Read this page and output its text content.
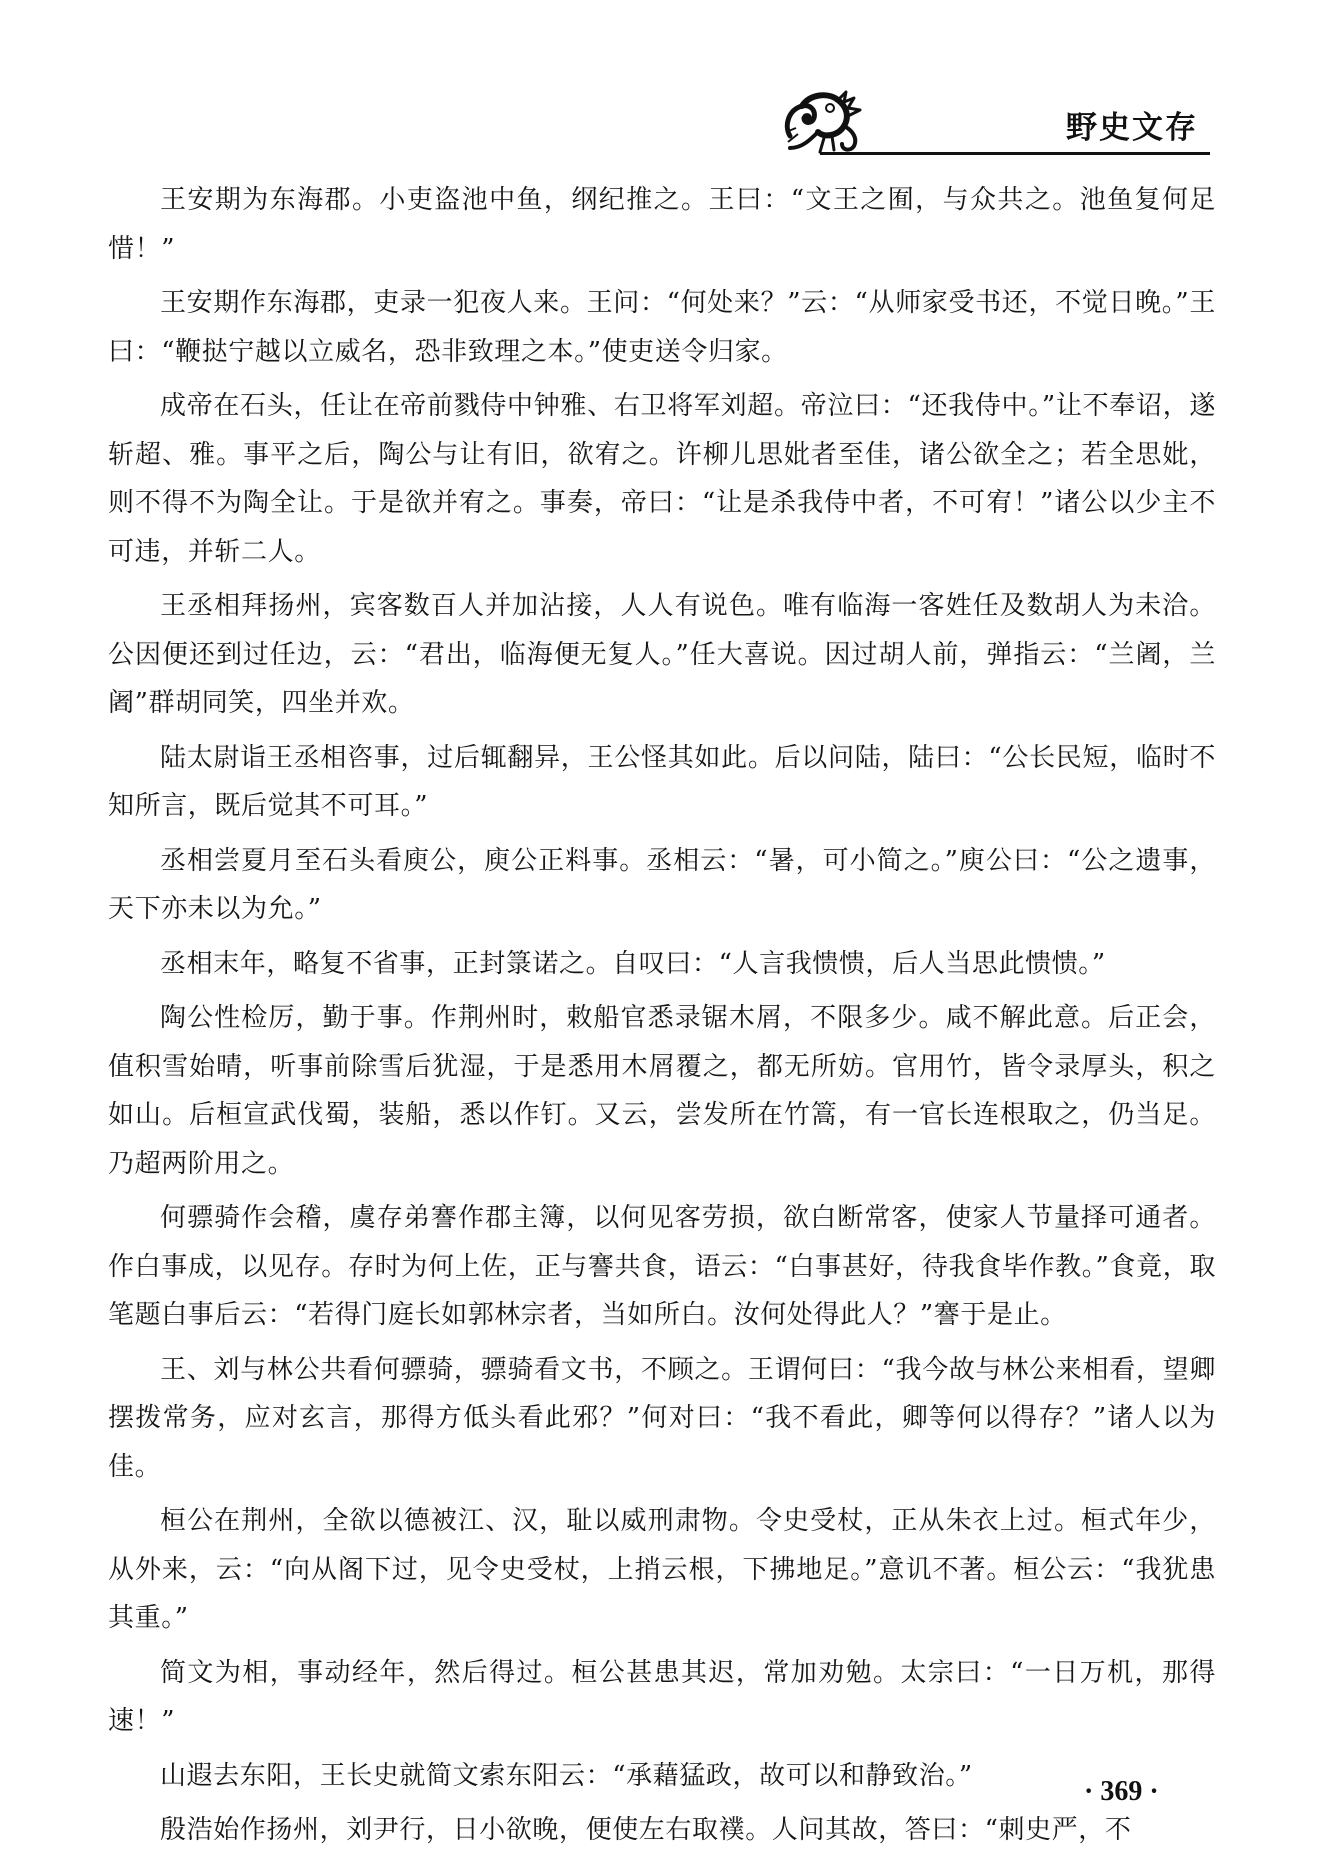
野史文存

王安期为东海郡。小吏盗池中鱼，纲纪推之。王曰：“文王之囿，与众共之。池鱼复何足惜！”

王安期作东海郡，吏录一犯夜人来。王问：“何处来？”云：“从师家受书还，不觉日晚。”王曰：“鞭挞宁越以立威名，恐非致理之本。”使吏送令归家。

成帝在石头，任让在帝前戮侍中钟雅、右卫将军刘超。帝泣曰：“还我侍中。”让不奉诏，遂斩超、雅。事平之后，陶公与让有旧，欲宥之。许柳儿思妣者至佳，诸公欲全之；若全思妣，则不得不为陶全让。于是欲并宥之。事奏，帝曰：“让是杀我侍中者，不可宥！”诸公以少主不可违，并斩二人。

王丞相拜扬州，宾客数百人并加沾接，人人有说色。唯有临海一客姓任及数胡人为未洽。公因便还到过任边，云：“君出，临海便无复人。”任大喜说。因过胡人前，弹指云：“兰阇，兰阇”群胡同笑，四坐并欢。

陆太尉诣王丞相咨事，过后辄翻异，王公怪其如此。后以问陆，陆曰：“公长民短，临时不知所言，既后觉其不可耳。”

丞相尝夏月至石头看庾公，庾公正料事。丞相云：“暑，可小简之。”庾公曰：“公之遗事，天下亦未以为允。”

丞相末年，略复不省事，正封箓诺之。自叹曰：“人言我愦愦，后人当思此愦愦。”

陶公性检厉，勤于事。作荆州时，敕船官悉录锯木屑，不限多少。咸不解此意。后正会，值积雪始晴，听事前除雪后犹湿，于是悉用木屑覆之，都无所妨。官用竹，皆令录厚头，积之如山。后桓宣武伐蜀，装船，悉以作钉。又云，尝发所在竹篙，有一官长连根取之，仍当足。乃超两阶用之。

何骠骑作会稽，虞存弟謇作郡主簿，以何见客劳损，欲白断常客，使家人节量择可通者。作白事成，以见存。存时为何上佐，正与謇共食，语云：“白事甚好，待我食毕作教。”食竟，取笔题白事后云：“若得门庭长如郭林宗者，当如所白。汝何处得此人？”謇于是止。

王、刘与林公共看何骠骑，骠骑看文书，不顾之。王谓何曰：“我今故与林公来相看，望卿摆拨常务，应对玄言，那得方低头看此邪？”何对曰：“我不看此，卿等何以得存？”诸人以为佳。

桓公在荆州，全欲以德被江、汉，耻以威刑肃物。令史受杖，正从朱衣上过。桓式年少，从外来，云：“向从阁下过，见令史受杖，上捎云根，下拂地足。”意讥不著。桓公云：“我犹患其重。”

简文为相，事动经年，然后得过。桓公甚患其迟，常加劝勉。太宗曰：“一日万机，那得速！”

山遐去东阳，王长史就简文索东阳云：“承藉猛政，故可以和静致治。”

殷浩始作扬州，刘尹行，日小欲晚，便使左右取襆。人问其故，答曰：“刺史严，不

· 369 ·
